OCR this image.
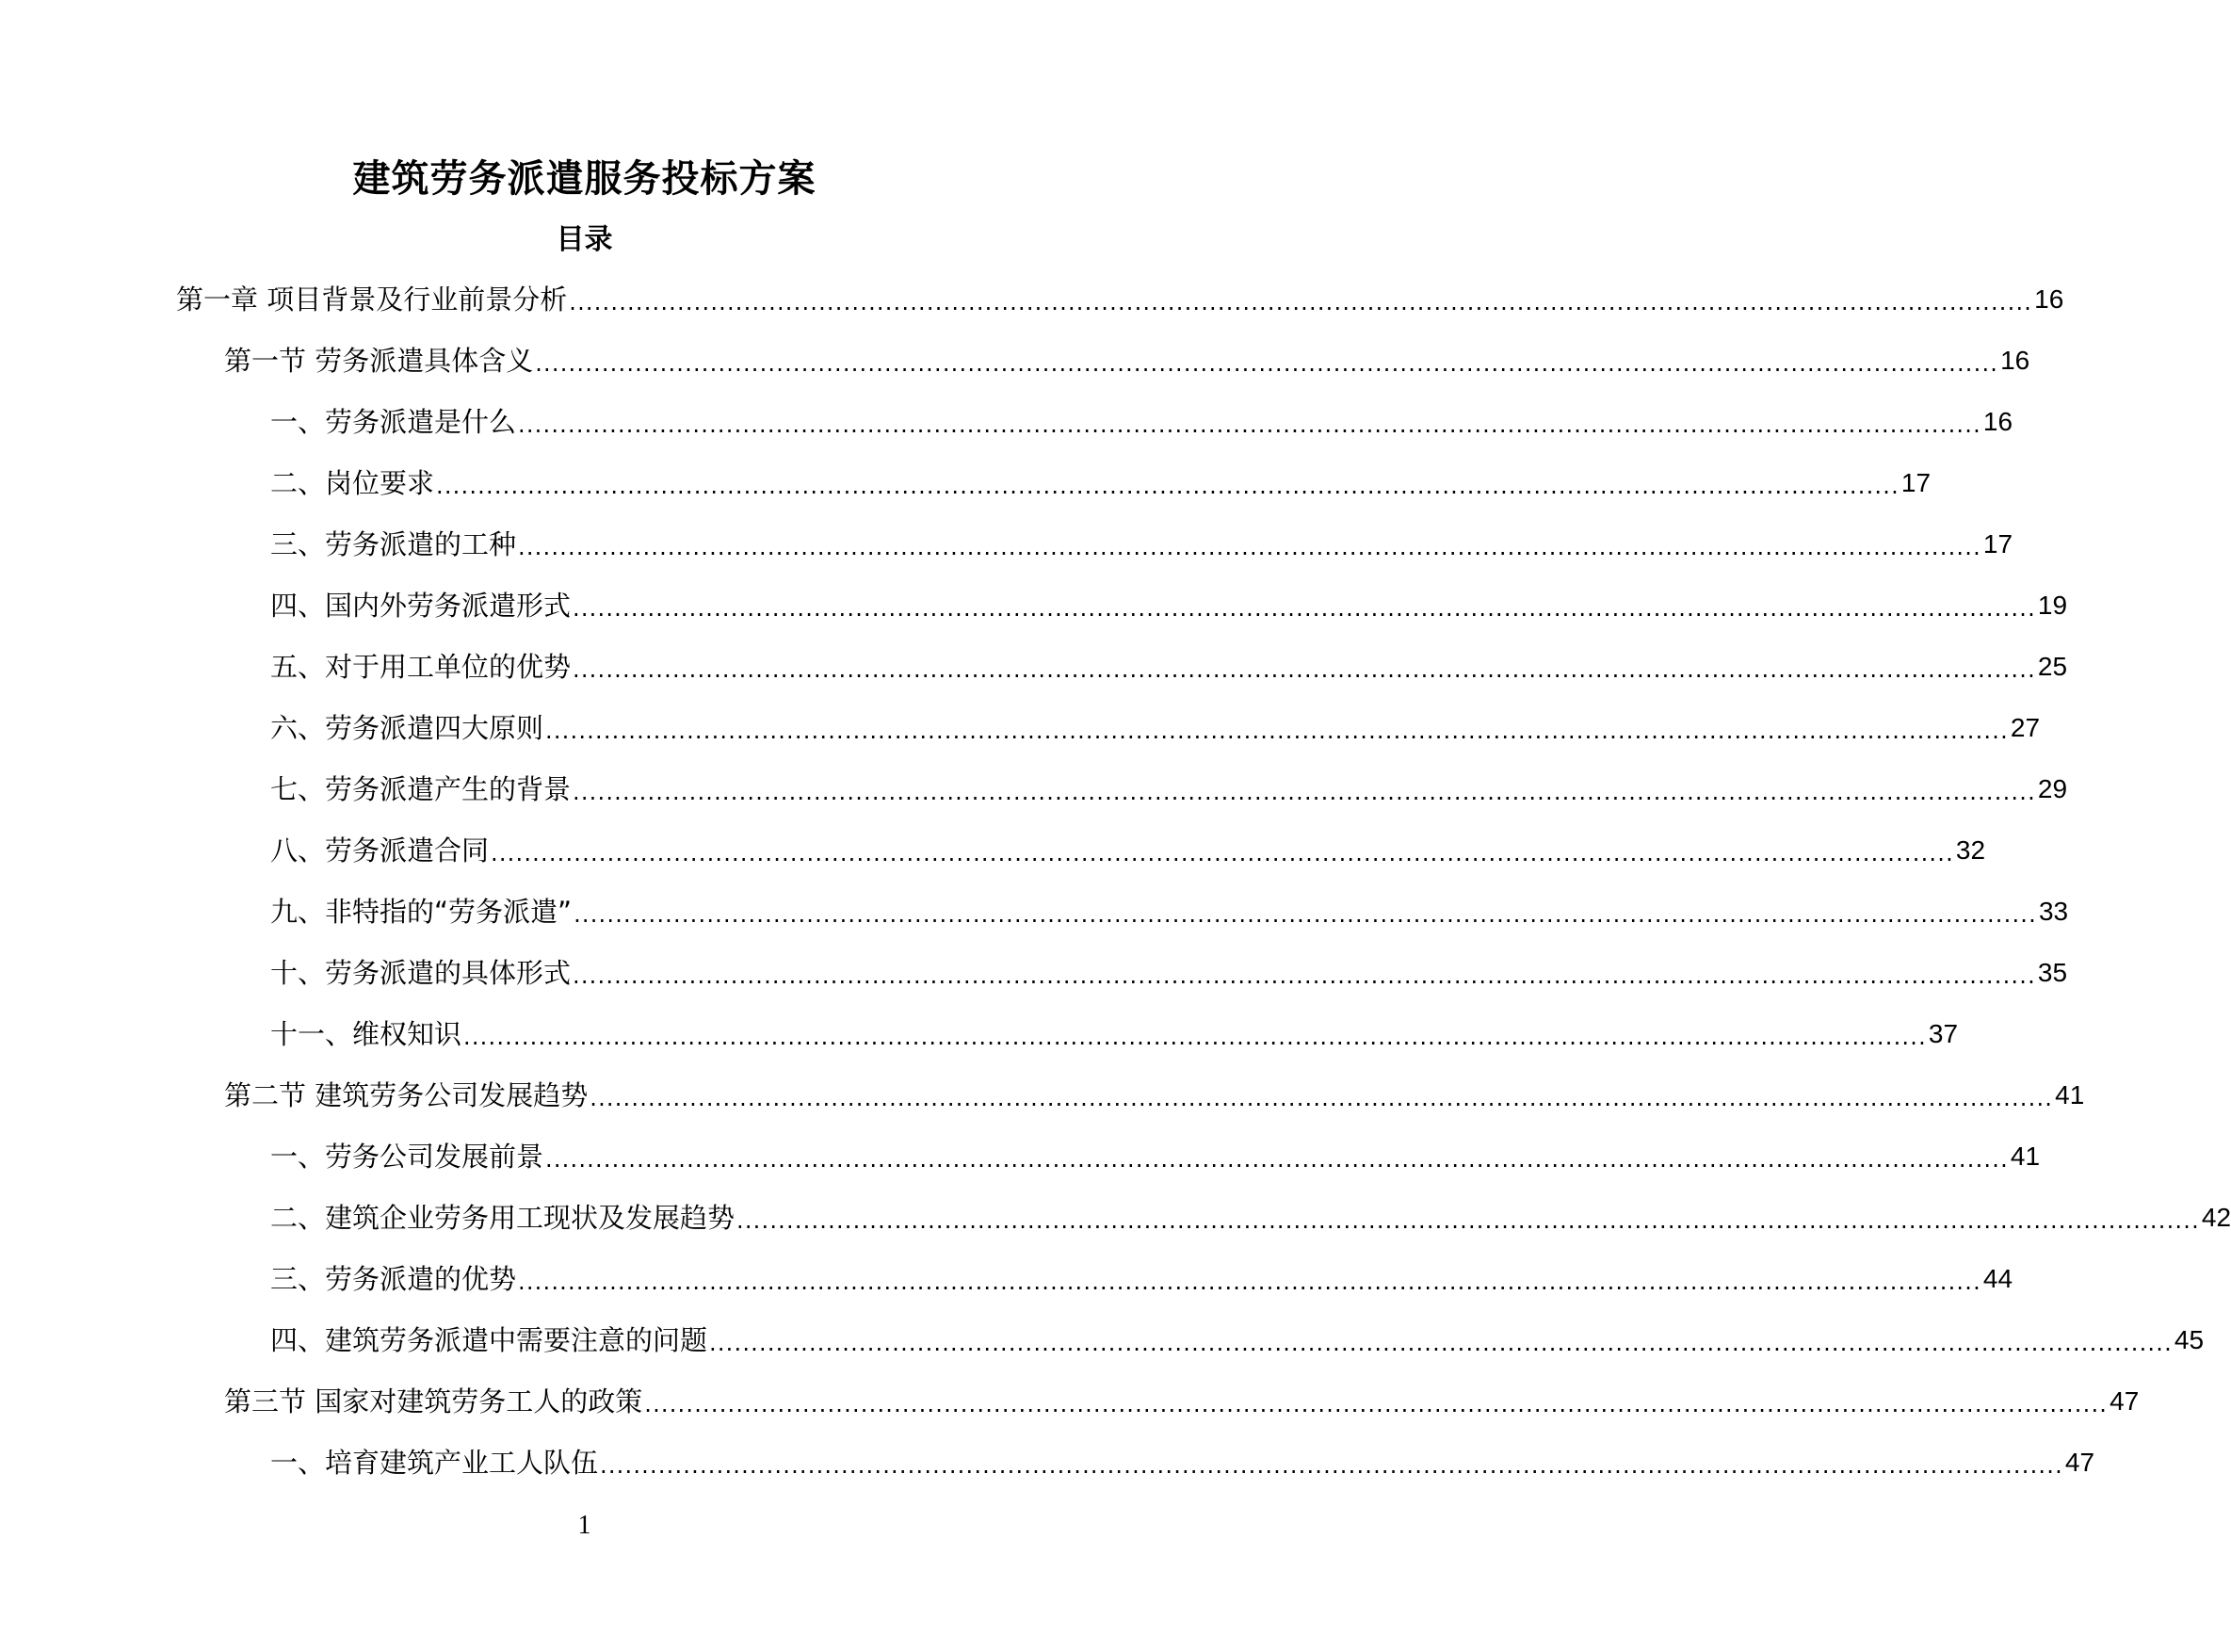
建筑劳务派遣服务投标方案
目录
第一章 项目背景及行业前景分析 ................................................................................................................................................................................ 16
第一节 劳务派遣具体含义 ................................................................................................................................................................................ 16
一、劳务派遣是什么 ................................................................................................................................................................................ 16
二、岗位要求 ................................................................................................................................................................................ 17
三、劳务派遣的工种 ................................................................................................................................................................................ 17
四、国内外劳务派遣形式 ................................................................................................................................................................................ 19
五、对于用工单位的优势 ................................................................................................................................................................................ 25
六、劳务派遣四大原则 ................................................................................................................................................................................ 27
七、劳务派遣产生的背景 ................................................................................................................................................................................ 29
八、劳务派遣合同 ................................................................................................................................................................................ 32
九、非特指的“劳务派遣” ................................................................................................................................................................................ 33
十、劳务派遣的具体形式 ................................................................................................................................................................................ 35
十一、维权知识 ................................................................................................................................................................................ 37
第二节 建筑劳务公司发展趋势 ................................................................................................................................................................................ 41
一、劳务公司发展前景 ................................................................................................................................................................................ 41
二、建筑企业劳务用工现状及发展趋势 ................................................................................................................................................................................ 42
三、劳务派遣的优势 ................................................................................................................................................................................ 44
四、建筑劳务派遣中需要注意的问题 ................................................................................................................................................................................ 45
第三节 国家对建筑劳务工人的政策 ................................................................................................................................................................................ 47
一、培育建筑产业工人队伍 ................................................................................................................................................................................ 47
1
